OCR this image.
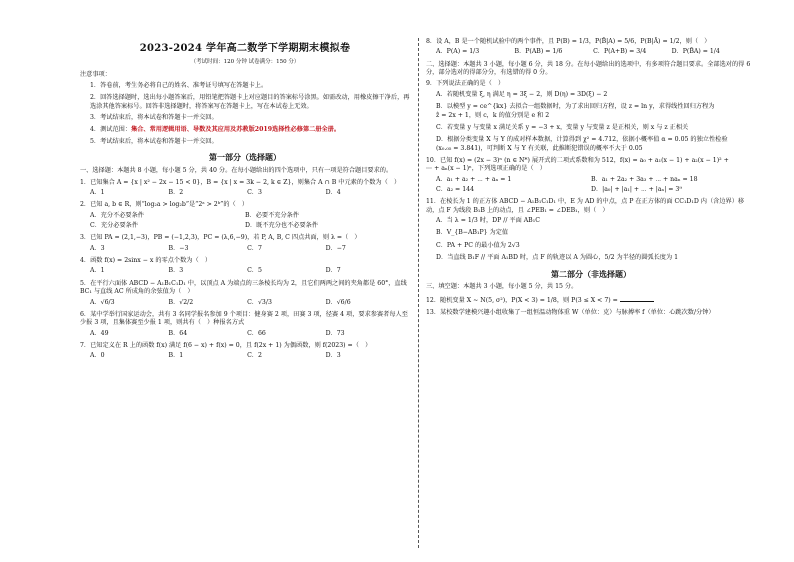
2023-2024 学年高二数学下学期期末模拟卷
（考试时间：120 分钟 试卷满分：150 分）
注意事项：
1．答卷前，考生务必将自己的姓名、准考证号填写在答题卡上。
2．回答选择题时，选出每小题答案后，用铅笔把答题卡上对应题目的答案标号涂黑。如需改动，用橡皮擦干净后，再选涂其他答案标号。回答非选择题时，将答案写在答题卡上，写在本试卷上无效。
3．考试结束后，将本试卷和答题卡一并交回。
4．测试范围：集合、常用逻辑用语、导数及其应用及苏教版2019选择性必修第二册全册。
5．考试结束后，将本试卷和答题卡一并交回。
第一部分（选择题）
一、选择题：本题共 8 小题，每小题 5 分，共 40 分。在每小题给出的四个选项中，只有一项是符合题目要求的。
1．已知集合 A = {x | x² − 2x − 15 < 0}，B = {x | x = 3k − 2, k ∈ Z}，则集合 A ∩ B 中元素的个数为（　）
A．1	B．2	C．3	D．4
2．已知 a, b ∈ R，则“log₂a > log₂b”是“2ᵃ > 2ᵇ”的（　）
A．充分不必要条件	B．必要不充分条件
C．充分必要条件	D．既不充分也不必要条件
3．已知 PA = (2,1,−3)，PB = (−1,2,3)，PC = (λ,6,−9)，若 P, A, B, C 四点共面，则 λ =（　）
A．3	B．−3	C．7	D．−7
4．函数 f(x) = 2sinx − x 的零点个数为（　）
A．1	B．3	C．5	D．7
5．在平行六面体 ABCD − A₁B₁C₁D₁ 中，以顶点 A 为端点的三条棱长均为 2，且它们两两之间的夹角都是 60°，直线 BC₁ 与直线 AC 所成角的余弦值为（　）
A．√6/3	B．√2/2	C．√3/3	D．√6/6
6．某中学举行国家运动会，共有 3 名同学报名参加 9 个项目：健身赛 2 项，田赛 3 项，径赛 4 项，要求参赛者每人至少报 3 项，且集体赛至少报 1 项，则共有（　）种报名方式
A．49	B．64	C．66	D．73
7．已知定义在 R 上的函数 f(x) 满足 f(6 − x) + f(x) = 0，且 f(2x + 1) 为偶函数，则 f(2023) =（　）
A．0	B．1	C．2	D．3
8．设 A，B 是一个随机试验中的两个事件，且 P(B) = 1/3，P(B̄|A) = 5/6，P(B|Ā) = 1/2，则（　）
A．P(A) = 1/3	B．P(AB) = 1/6	C．P(A+B) = 3/4	D．P(B̄A) = 1/4
二、选择题：本题共 3 小题，每小题 6 分，共 18 分。在每小题给出的选项中，有多项符合题目要求。全部选对的得 6 分，部分选对的得部分分，有选错的得 0 分。
9．下列说法正确的是（　）
A．若随机变量 ξ, η 满足 η = 3ξ − 2，则 D(η) = 3D(ξ) − 2
B．以模型 y = ce^{kx} 去拟合一组数据时，为了求出回归方程，设 z = ln y，求得线性回归方程为
ẑ = 2x + 1，则 c，k 的值分别是 e 和 2
C．若变量 y 与变量 x 满足关系 y = −3 + x，变量 y 与变量 z 是正相关，则 x 与 z 正相关
D．根据分类变量 X 与 Y 的成对样本数据，计算得到 χ² = 4.712，依据小概率值 α = 0.05 的独立性检验
(x₀.₀₅ = 3.841)，可判断 X 与 Y 有关联，此推断犯错误的概率不大于 0.05
10．已知 f(x) = (2x − 3)ⁿ (n ∈ N*) 展开式的二项式系数和为 512，f(x) = a₀ + a₁(x − 1) + a₂(x − 1)² +
⋯ + aₙ(x − 1)ⁿ，下列选项正确的是（　）
A．a₁ + a₂ + ⋯ + aₙ = 1	B．a₁ + 2a₂ + 3a₃ + ⋯ + naₙ = 18
C．a₂ = 144	D．|a₀| + |a₁| + ⋯ + |aₙ| = 3⁹
11．在棱长为 1 的正方体 ABCD − A₁B₁C₁D₁ 中，E 为 AD 的中点，点 P 在正方体的面 CC₁D₁D 内（含边界）移动，点 F 为线段 B₁B 上的动点，且 ∠PEB₁ = ∠DEB₁，则（　）
A．当 λ = 1/3 时，DP // 平面 AB₁C
B．V_{B−AB₁P} 为定值
C．PA + PC 的最小值为 2√3
D．当直线 B₁F // 平面 A₁BD 时，点 F 的轨迹以 A 为圆心，5/2 为半径的圆弧长度为 1
第二部分（非选择题）
三、填空题：本题共 3 小题，每小题 5 分，共 15 分。
12．随机变量 X ~ N(5, σ²)，P(X < 3) = 1/8，则 P(3 ≤ X < 7) =
13．某校数学建模兴趣小组收集了一组恒温动物体重 W（单位：克）与脉搏率 f（单位：心跳次数/分钟）
